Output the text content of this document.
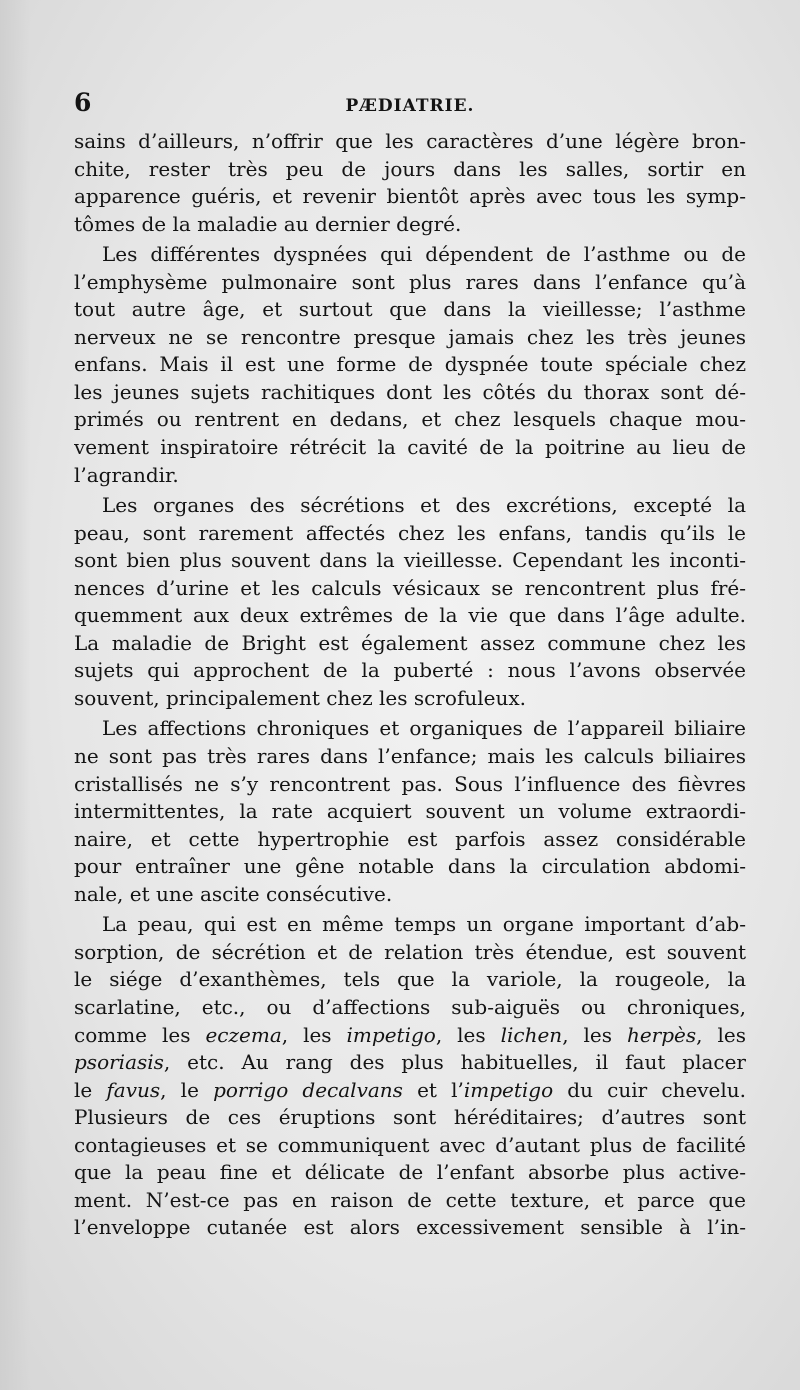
6	PÆDIATRIE.
sains d’ailleurs, n’offrir que les caractères d’une légère bron-
chite, rester très peu de jours dans les salles, sortir en
apparence guéris, et revenir bientôt après avec tous les symp-
tômes de la maladie au dernier degré.
Les différentes dyspnées qui dépendent de l’asthme ou de
l’emphysème pulmonaire sont plus rares dans l’enfance qu’à
tout autre âge, et surtout que dans la vieillesse; l’asthme
nerveux ne se rencontre presque jamais chez les très jeunes
enfans. Mais il est une forme de dyspnée toute spéciale chez
les jeunes sujets rachitiques dont les côtés du thorax sont dé-
primés ou rentrent en dedans, et chez lesquels chaque mou-
vement inspiratoire rétrécit la cavité de la poitrine au lieu de
l’agrandir.
Les organes des sécrétions et des excrétions, excepté la
peau, sont rarement affectés chez les enfans, tandis qu’ils le
sont bien plus souvent dans la vieillesse. Cependant les inconti-
nences d’urine et les calculs vésicaux se rencontrent plus fré-
quemment aux deux extrêmes de la vie que dans l’âge adulte.
La maladie de Bright est également assez commune chez les
sujets qui approchent de la puberté : nous l’avons observée
souvent, principalement chez les scrofuleux.
Les affections chroniques et organiques de l’appareil biliaire
ne sont pas très rares dans l’enfance; mais les calculs biliaires
cristallisés ne s’y rencontrent pas. Sous l’influence des fièvres
intermittentes, la rate acquiert souvent un volume extraordi-
naire, et cette hypertrophie est parfois assez considérable
pour entraîner une gêne notable dans la circulation abdomi-
nale, et une ascite consécutive.
La peau, qui est en même temps un organe important d’ab-
sorption, de sécrétion et de relation très étendue, est souvent
le siége d’exanthèmes, tels que la variole, la rougeole, la
scarlatine, etc., ou d’affections sub-aiguës ou chroniques,
comme les eczema, les impetigo, les lichen, les herpès, les
psoriasis, etc. Au rang des plus habituelles, il faut placer
le favus, le porrigo decalvans et l’impetigo du cuir chevelu.
Plusieurs de ces éruptions sont héréditaires; d’autres sont
contagieuses et se communiquent avec d’autant plus de facilité
que la peau fine et délicate de l’enfant absorbe plus active-
ment. N’est-ce pas en raison de cette texture, et parce que
l’enveloppe cutanée est alors excessivement sensible à l’in-
